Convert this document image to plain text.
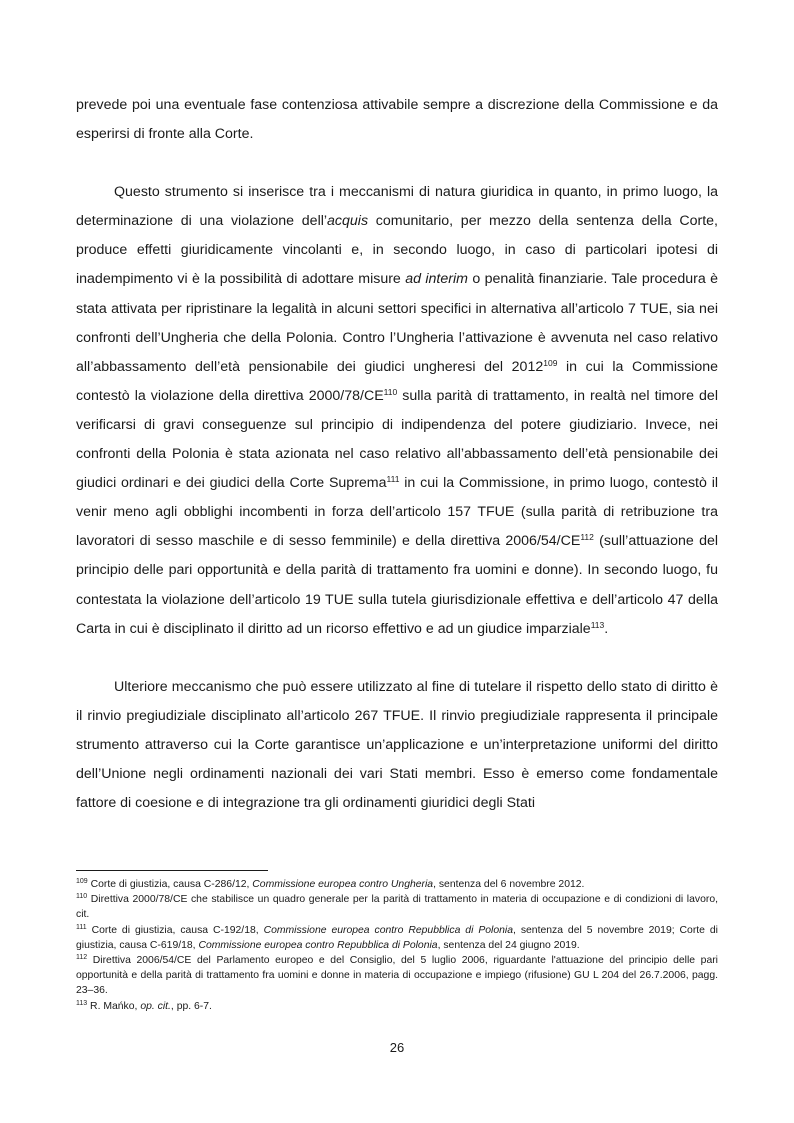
prevede poi una eventuale fase contenziosa attivabile sempre a discrezione della Commissione e da esperirsi di fronte alla Corte.

Questo strumento si inserisce tra i meccanismi di natura giuridica in quanto, in primo luogo, la determinazione di una violazione dell’acquis comunitario, per mezzo della sentenza della Corte, produce effetti giuridicamente vincolanti e, in secondo luogo, in caso di particolari ipotesi di inadempimento vi è la possibilità di adottare misure ad interim o penalità finanziarie. Tale procedura è stata attivata per ripristinare la legalità in alcuni settori specifici in alternativa all’articolo 7 TUE, sia nei confronti dell’Ungheria che della Polonia. Contro l’Ungheria l’attivazione è avvenuta nel caso relativo all’abbassamento dell’età pensionabile dei giudici ungheresi del 2012$^{109}$ in cui la Commissione contestò la violazione della direttiva 2000/78/CE$^{110}$ sulla parità di trattamento, in realtà nel timore del verificarsi di gravi conseguenze sul principio di indipendenza del potere giudiziario. Invece, nei confronti della Polonia è stata azionata nel caso relativo all’abbassamento dell’età pensionabile dei giudici ordinari e dei giudici della Corte Suprema$^{111}$ in cui la Commissione, in primo luogo, contestò il venir meno agli obblighi incombenti in forza dell’articolo 157 TFUE (sulla parità di retribuzione tra lavoratori di sesso maschile e di sesso femminile) e della direttiva 2006/54/CE$^{112}$ (sull’attuazione del principio delle pari opportunità e della parità di trattamento fra uomini e donne). In secondo luogo, fu contestata la violazione dell’articolo 19 TUE sulla tutela giurisdizionale effettiva e dell’articolo 47 della Carta in cui è disciplinato il diritto ad un ricorso effettivo e ad un giudice imparziale$^{113}$.

Ulteriore meccanismo che può essere utilizzato al fine di tutelare il rispetto dello stato di diritto è il rinvio pregiudiziale disciplinato all’articolo 267 TFUE. Il rinvio pregiudiziale rappresenta il principale strumento attraverso cui la Corte garantisce un’applicazione e un’interpretazione uniformi del diritto dell’Unione negli ordinamenti nazionali dei vari Stati membri. Esso è emerso come fondamentale fattore di coesione e di integrazione tra gli ordinamenti giuridici degli Stati

$^{109}$ Corte di giustizia, causa C-286/12, Commissione europea contro Ungheria, sentenza del 6 novembre 2012.

$^{110}$ Direttiva 2000/78/CE che stabilisce un quadro generale per la parità di trattamento in materia di occupazione e di condizioni di lavoro, cit.

$^{111}$ Corte di giustizia, causa C-192/18, Commissione europea contro Repubblica di Polonia, sentenza del 5 novembre 2019; Corte di giustizia, causa C-619/18, Commissione europea contro Repubblica di Polonia, sentenza del 24 giugno 2019.

$^{112}$ Direttiva 2006/54/CE del Parlamento europeo e del Consiglio, del 5 luglio 2006, riguardante l'attuazione del principio delle pari opportunità e della parità di trattamento fra uomini e donne in materia di occupazione e impiego (rifusione) GU L 204 del 26.7.2006, pagg. 23–36.

$^{113}$ R. Mańko, op. cit., pp. 6-7.

26
